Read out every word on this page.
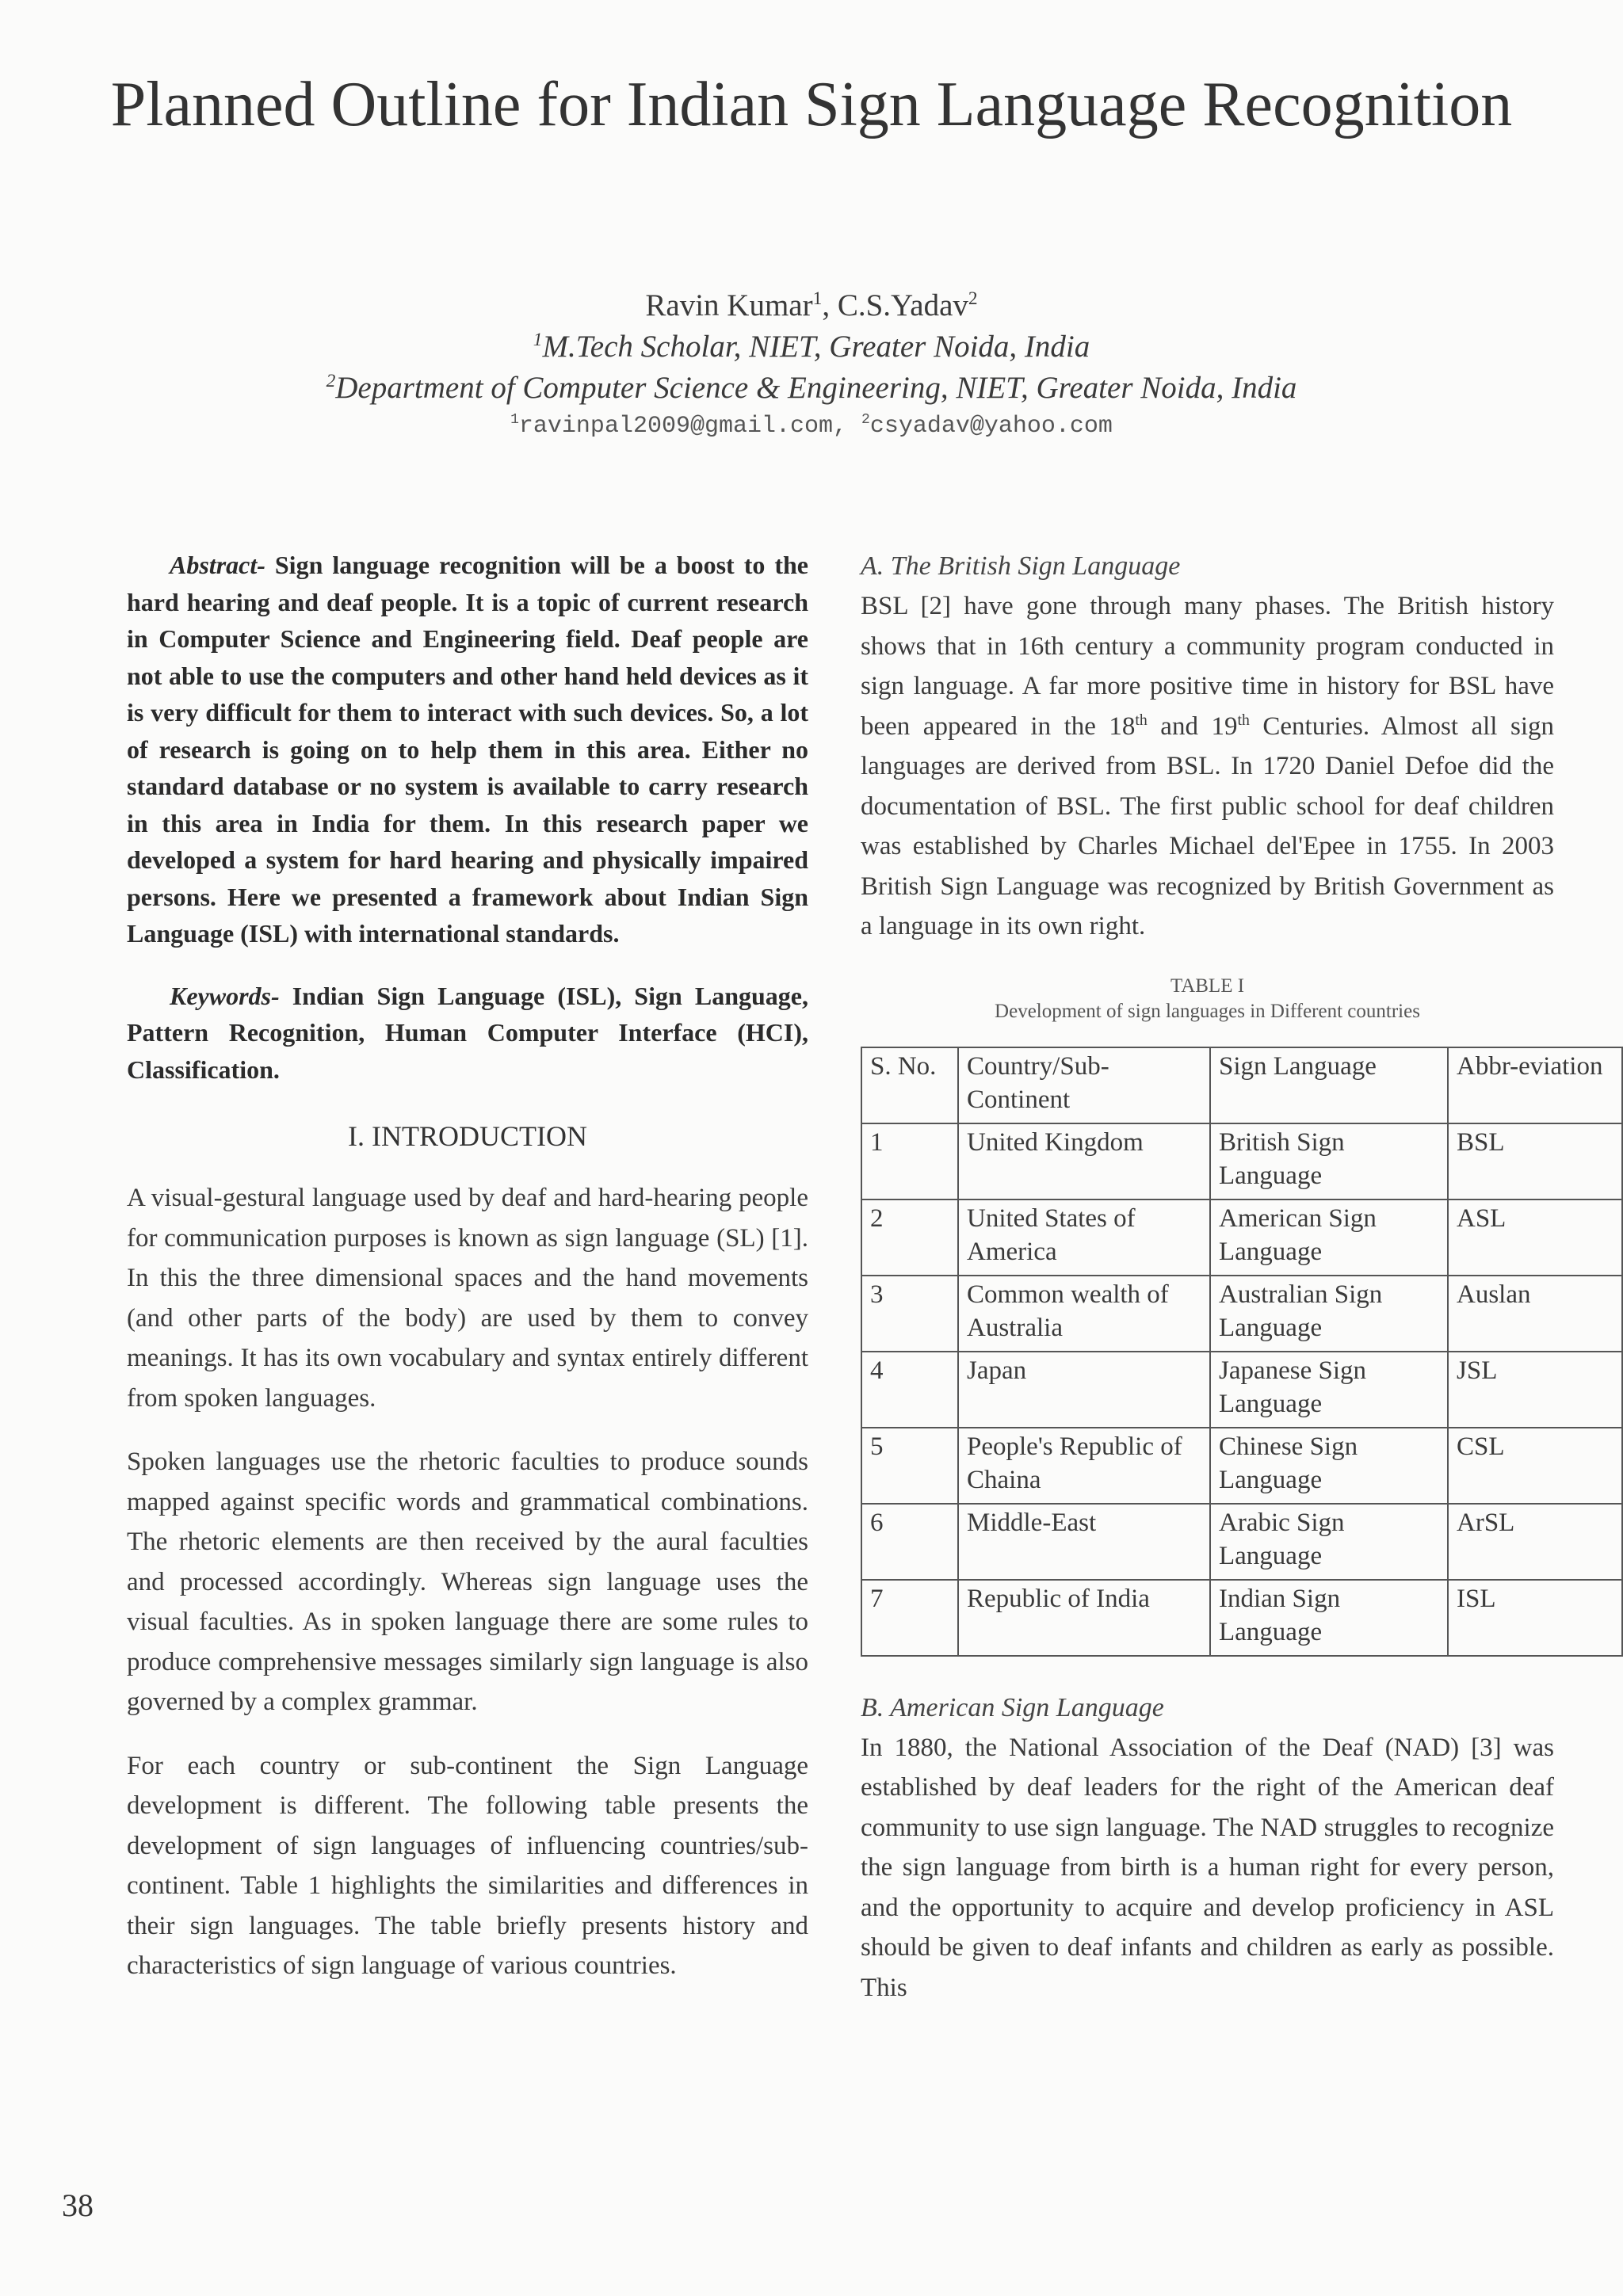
Planned Outline for Indian Sign Language Recognition
Ravin Kumar$^1$, C.S.Yadav$^2$
$^1$M.Tech Scholar, NIET, Greater Noida, India
$^2$Department of Computer Science & Engineering, NIET, Greater Noida, India
$^1$ravinpal2009@gmail.com, $^2$csyadav@yahoo.com

Abstract- Sign language recognition will be a boost to the hard hearing and deaf people. It is a topic of current research in Computer Science and Engineering field. Deaf people are not able to use the computers and other hand held devices as it is very difficult for them to interact with such devices. So, a lot of research is going on to help them in this area. Either no standard database or no system is available to carry research in this area in India for them. In this research paper we developed a system for hard hearing and physically impaired persons. Here we presented a framework about Indian Sign Language (ISL) with international standards.

Keywords- Indian Sign Language (ISL), Sign Language, Pattern Recognition, Human Computer Interface (HCI), Classification.

I. INTRODUCTION

A visual-gestural language used by deaf and hard-hearing people for communication purposes is known as sign language (SL) [1]. In this the three dimensional spaces and the hand movements (and other parts of the body) are used by them to convey meanings. It has its own vocabulary and syntax entirely different from spoken languages.

Spoken languages use the rhetoric faculties to produce sounds mapped against specific words and grammatical combinations. The rhetoric elements are then received by the aural faculties and processed accordingly. Whereas sign language uses the visual faculties. As in spoken language there are some rules to produce comprehensive messages similarly sign language is also governed by a complex grammar.

For each country or sub-continent the Sign Language development is different. The following table presents the development of sign languages of influencing countries/sub-continent. Table 1 highlights the similarities and differences in their sign languages. The table briefly presents history and characteristics of sign language of various countries.

A. The British Sign Language

BSL [2] have gone through many phases. The British history shows that in 16th century a community program conducted in sign language. A far more positive time in history for BSL have been appeared in the 18th and 19th Centuries. Almost all sign languages are derived from BSL. In 1720 Daniel Defoe did the documentation of BSL. The first public school for deaf children was established by Charles Michael del'Epee in 1755. In 2003 British Sign Language was recognized by British Government as a language in its own right.

TABLE I
Development of sign languages in Different countries
S. No.	Country/Sub-Continent	Sign Language	Abbr-eviation
1	United Kingdom	British Sign Language	BSL
2	United States of America	American Sign Language	ASL
3	Common wealth of Australia	Australian Sign Language	Auslan
4	Japan	Japanese Sign Language	JSL
5	People's Republic of Chaina	Chinese Sign Language	CSL
6	Middle-East	Arabic Sign Language	ArSL
7	Republic of India	Indian Sign Language	ISL

B. American Sign Language

In 1880, the National Association of the Deaf (NAD) [3] was established by deaf leaders for the right of the American deaf community to use sign language. The NAD struggles to recognize the sign language from birth is a human right for every person, and the opportunity to acquire and develop proficiency in ASL should be given to deaf infants and children as early as possible. This

38
